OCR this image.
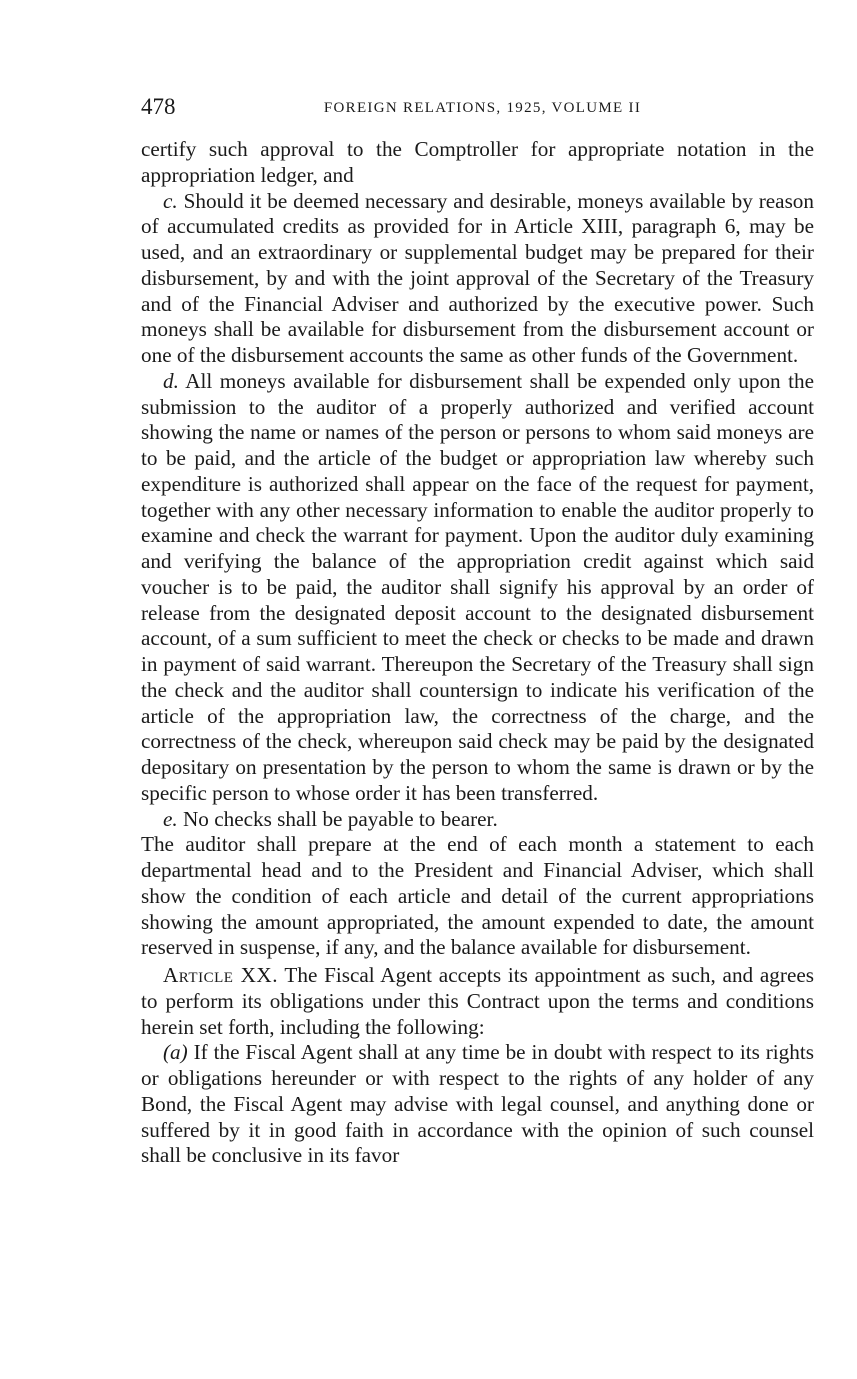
478	FOREIGN RELATIONS, 1925, VOLUME II

certify such approval to the Comptroller for appropriate notation in the appropriation ledger, and

c. Should it be deemed necessary and desirable, moneys available by reason of accumulated credits as provided for in Article XIII, paragraph 6, may be used, and an extraordinary or supplemental budget may be prepared for their disbursement, by and with the joint approval of the Secretary of the Treasury and of the Financial Adviser and authorized by the executive power. Such moneys shall be available for disbursement from the disbursement account or one of the disbursement accounts the same as other funds of the Government.

d. All moneys available for disbursement shall be expended only upon the submission to the auditor of a properly authorized and verified account showing the name or names of the person or persons to whom said moneys are to be paid, and the article of the budget or appropriation law whereby such expenditure is authorized shall appear on the face of the request for payment, together with any other necessary information to enable the auditor properly to examine and check the warrant for payment. Upon the auditor duly examining and verifying the balance of the appropriation credit against which said voucher is to be paid, the auditor shall signify his approval by an order of release from the designated deposit account to the designated disbursement account, of a sum sufficient to meet the check or checks to be made and drawn in payment of said warrant. Thereupon the Secretary of the Treasury shall sign the check and the auditor shall countersign to indicate his verification of the article of the appropriation law, the correctness of the charge, and the correctness of the check, whereupon said check may be paid by the designated depositary on presentation by the person to whom the same is drawn or by the specific person to whose order it has been transferred.

e. No checks shall be payable to bearer.

The auditor shall prepare at the end of each month a statement to each departmental head and to the President and Financial Adviser, which shall show the condition of each article and detail of the current appropriations showing the amount appropriated, the amount expended to date, the amount reserved in suspense, if any, and the balance available for disbursement.

Article XX. The Fiscal Agent accepts its appointment as such, and agrees to perform its obligations under this Contract upon the terms and conditions herein set forth, including the following:

(a) If the Fiscal Agent shall at any time be in doubt with respect to its rights or obligations hereunder or with respect to the rights of any holder of any Bond, the Fiscal Agent may advise with legal counsel, and anything done or suffered by it in good faith in accordance with the opinion of such counsel shall be conclusive in its favor
